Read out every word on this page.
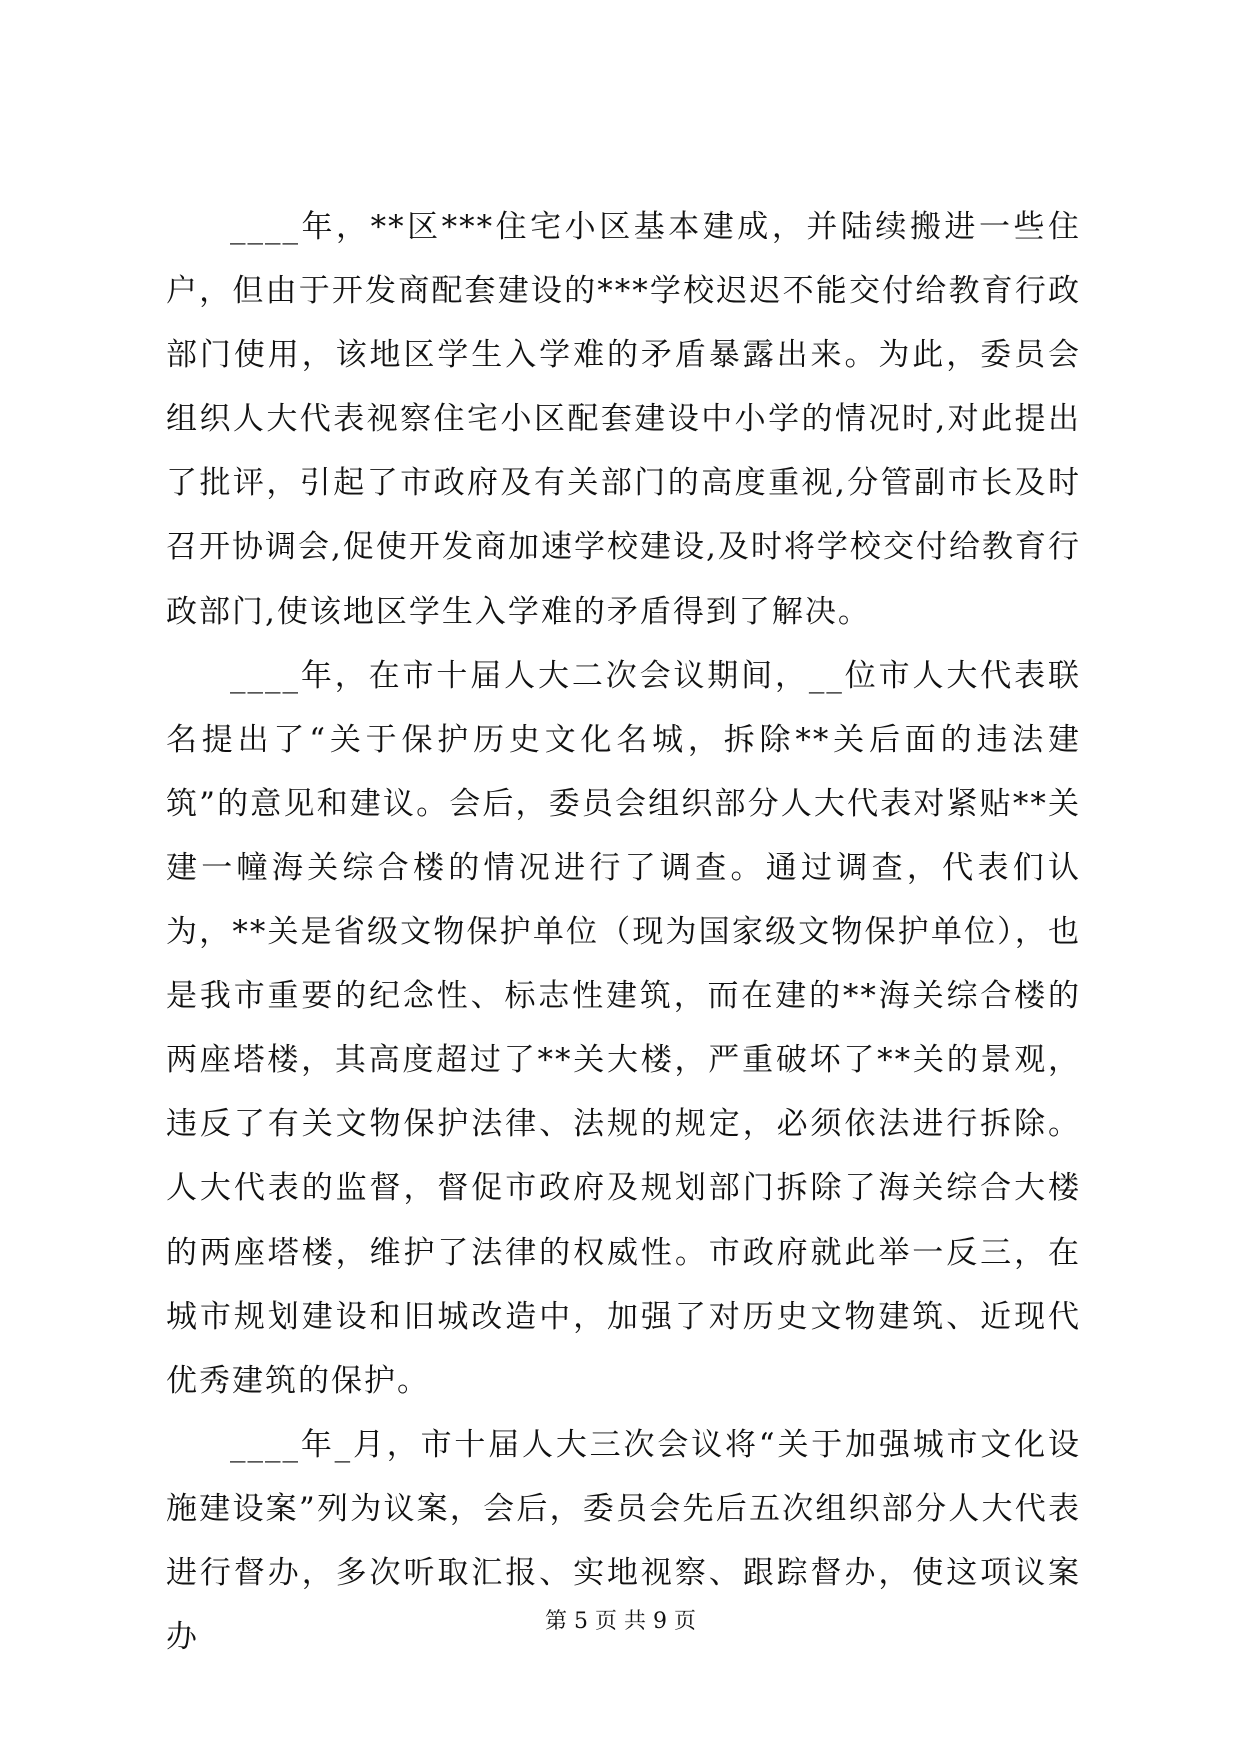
____年，**区***住宅小区基本建成，并陆续搬进一些住户，但由于开发商配套建设的***学校迟迟不能交付给教育行政部门使用，该地区学生入学难的矛盾暴露出来。为此，委员会组织人大代表视察住宅小区配套建设中小学的情况时,对此提出了批评，引起了市政府及有关部门的高度重视,分管副市长及时召开协调会,促使开发商加速学校建设,及时将学校交付给教育行政部门,使该地区学生入学难的矛盾得到了解决。

____年，在市十届人大二次会议期间，__位市人大代表联名提出了“关于保护历史文化名城，拆除**关后面的违法建筑”的意见和建议。会后，委员会组织部分人大代表对紧贴**关建一幢海关综合楼的情况进行了调查。通过调查，代表们认为，**关是省级文物保护单位（现为国家级文物保护单位），也是我市重要的纪念性、标志性建筑，而在建的**海关综合楼的两座塔楼，其高度超过了**关大楼，严重破坏了**关的景观，违反了有关文物保护法律、法规的规定，必须依法进行拆除。人大代表的监督，督促市政府及规划部门拆除了海关综合大楼的两座塔楼，维护了法律的权威性。市政府就此举一反三，在城市规划建设和旧城改造中，加强了对历史文物建筑、近现代优秀建筑的保护。

____年_月，市十届人大三次会议将“关于加强城市文化设施建设案”列为议案，会后，委员会先后五次组织部分人大代表进行督办，多次听取汇报、实地视察、跟踪督办，使这项议案办	第 5 页 共 9 页
